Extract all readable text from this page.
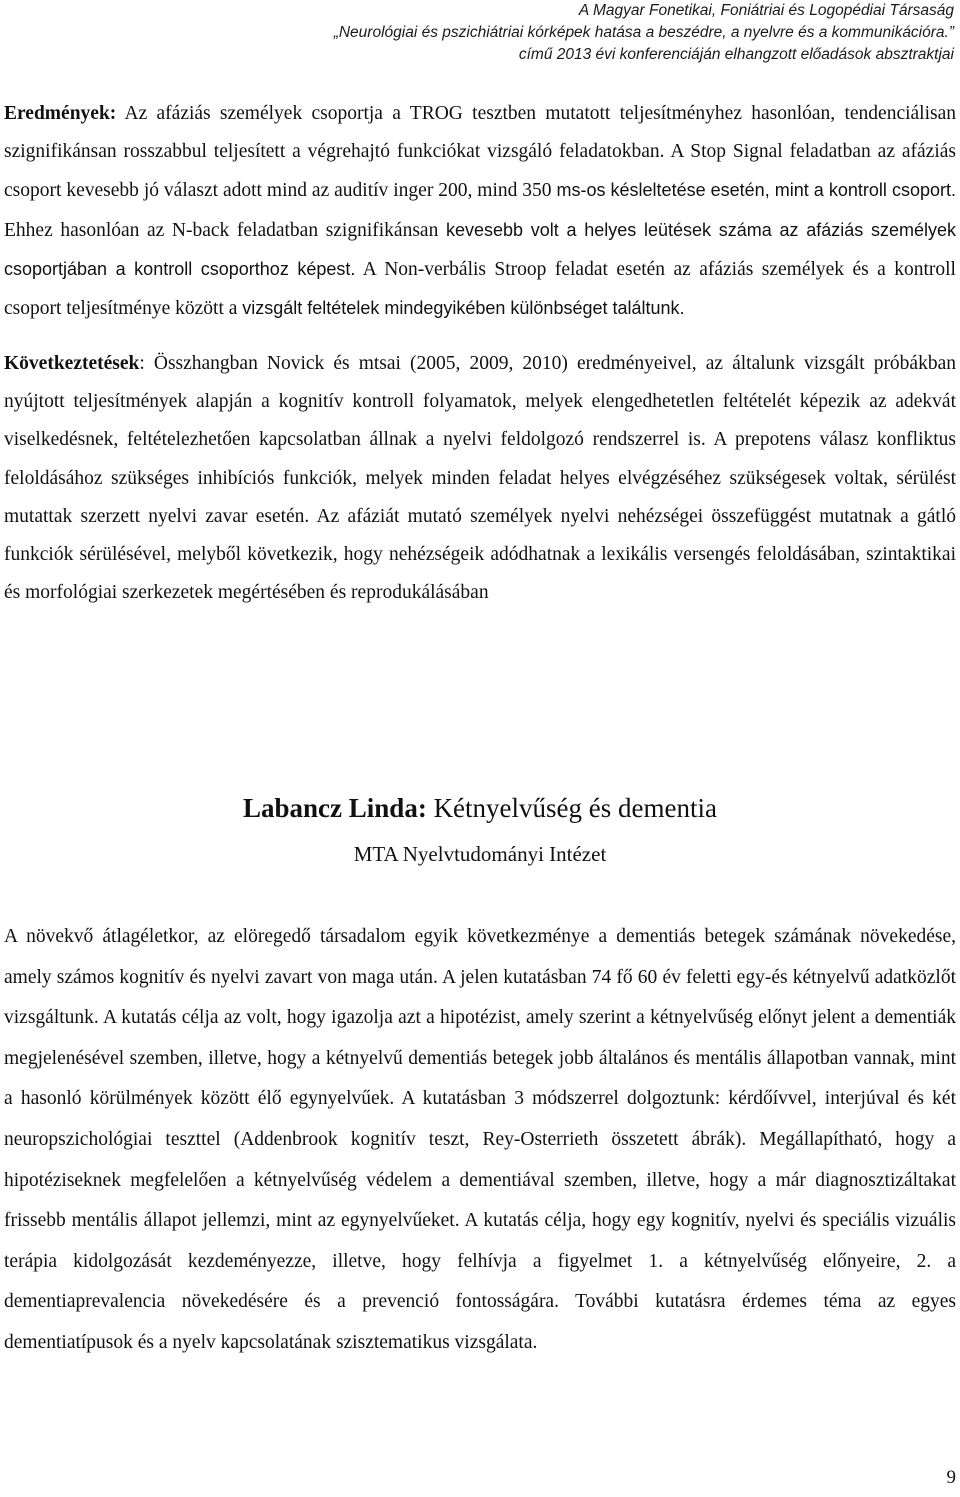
A Magyar Fonetikai, Foniátriai és Logopédiai Társaság
„Neurológiai és pszichiátriai kórképek hatása a beszédre, a nyelvre és a kommunikációra.”
című 2013 évi konferenciáján elhangzott előadások absztraktjai

Eredmények: Az afáziás személyek csoportja a TROG tesztben mutatott teljesítményhez hasonlóan, tendenciálisan szignifikánsan rosszabbul teljesített a végrehajtó funkciókat vizsgáló feladatokban. A Stop Signal feladatban az afáziás csoport kevesebb jó választ adott mind az auditív inger 200, mind 350 ms-os késleltetése esetén, mint a kontroll csoport. Ehhez hasonlóan az N-back feladatban szignifikánsan kevesebb volt a helyes leütések száma az afáziás személyek csoportjában a kontroll csoporthoz képest. A Non-verbális Stroop feladat esetén az afáziás személyek és a kontroll csoport teljesítménye között a vizsgált feltételek mindegyikében különbséget találtunk.

Következtetések: Összhangban Novick és mtsai (2005, 2009, 2010) eredményeivel, az általunk vizsgált próbákban nyújtott teljesítmények alapján a kognitív kontroll folyamatok, melyek elengedhetetlen feltételét képezik az adekvát viselkedésnek, feltételezhetően kapcsolatban állnak a nyelvi feldolgozó rendszerrel is. A prepotens válasz konfliktus feloldásához szükséges inhibíciós funkciók, melyek minden feladat helyes elvégzéséhez szükségesek voltak, sérülést mutattak szerzett nyelvi zavar esetén. Az afáziát mutató személyek nyelvi nehézségei összefüggést mutatnak a gátló funkciók sérülésével, melyből következik, hogy nehézségeik adódhatnak a lexikális versengés feloldásában, szintaktikai és morfológiai szerkezetek megértésében és reprodukálásában

Labancz Linda: Kétnyelvűség és dementia
MTA Nyelvtudományi Intézet

A növekvő átlagéletkor, az elöregedő társadalom egyik következménye a dementiás betegek számának növekedése, amely számos kognitív és nyelvi zavart von maga után. A jelen kutatásban 74 fő 60 év feletti egy-és kétnyelvű adatközlőt vizsgáltunk. A kutatás célja az volt, hogy igazolja azt a hipotézist, amely szerint a kétnyelvűség előnyt jelent a dementiák megjelenésével szemben, illetve, hogy a kétnyelvű dementiás betegek jobb általános és mentális állapotban vannak, mint a hasonló körülmények között élő egynyelvűek. A kutatásban 3 módszerrel dolgoztunk: kérdőívvel, interjúval és két neuropszichológiai teszttel (Addenbrook kognitív teszt, Rey-Osterrieth összetett ábrák). Megállapítható, hogy a hipotéziseknek megfelelően a kétnyelvűség védelem a dementiával szemben, illetve, hogy a már diagnosztizáltakat frissebb mentális állapot jellemzi, mint az egynyelvűeket. A kutatás célja, hogy egy kognitív, nyelvi és speciális vizuális terápia kidolgozását kezdeményezze, illetve, hogy felhívja a figyelmet 1. a kétnyelvűség előnyeire, 2. a dementiaprevalencia növekedésére és a prevenció fontosságára. További kutatásra érdemes téma az egyes dementiatípusok és a nyelv kapcsolatának szisztematikus vizsgálata.

9
